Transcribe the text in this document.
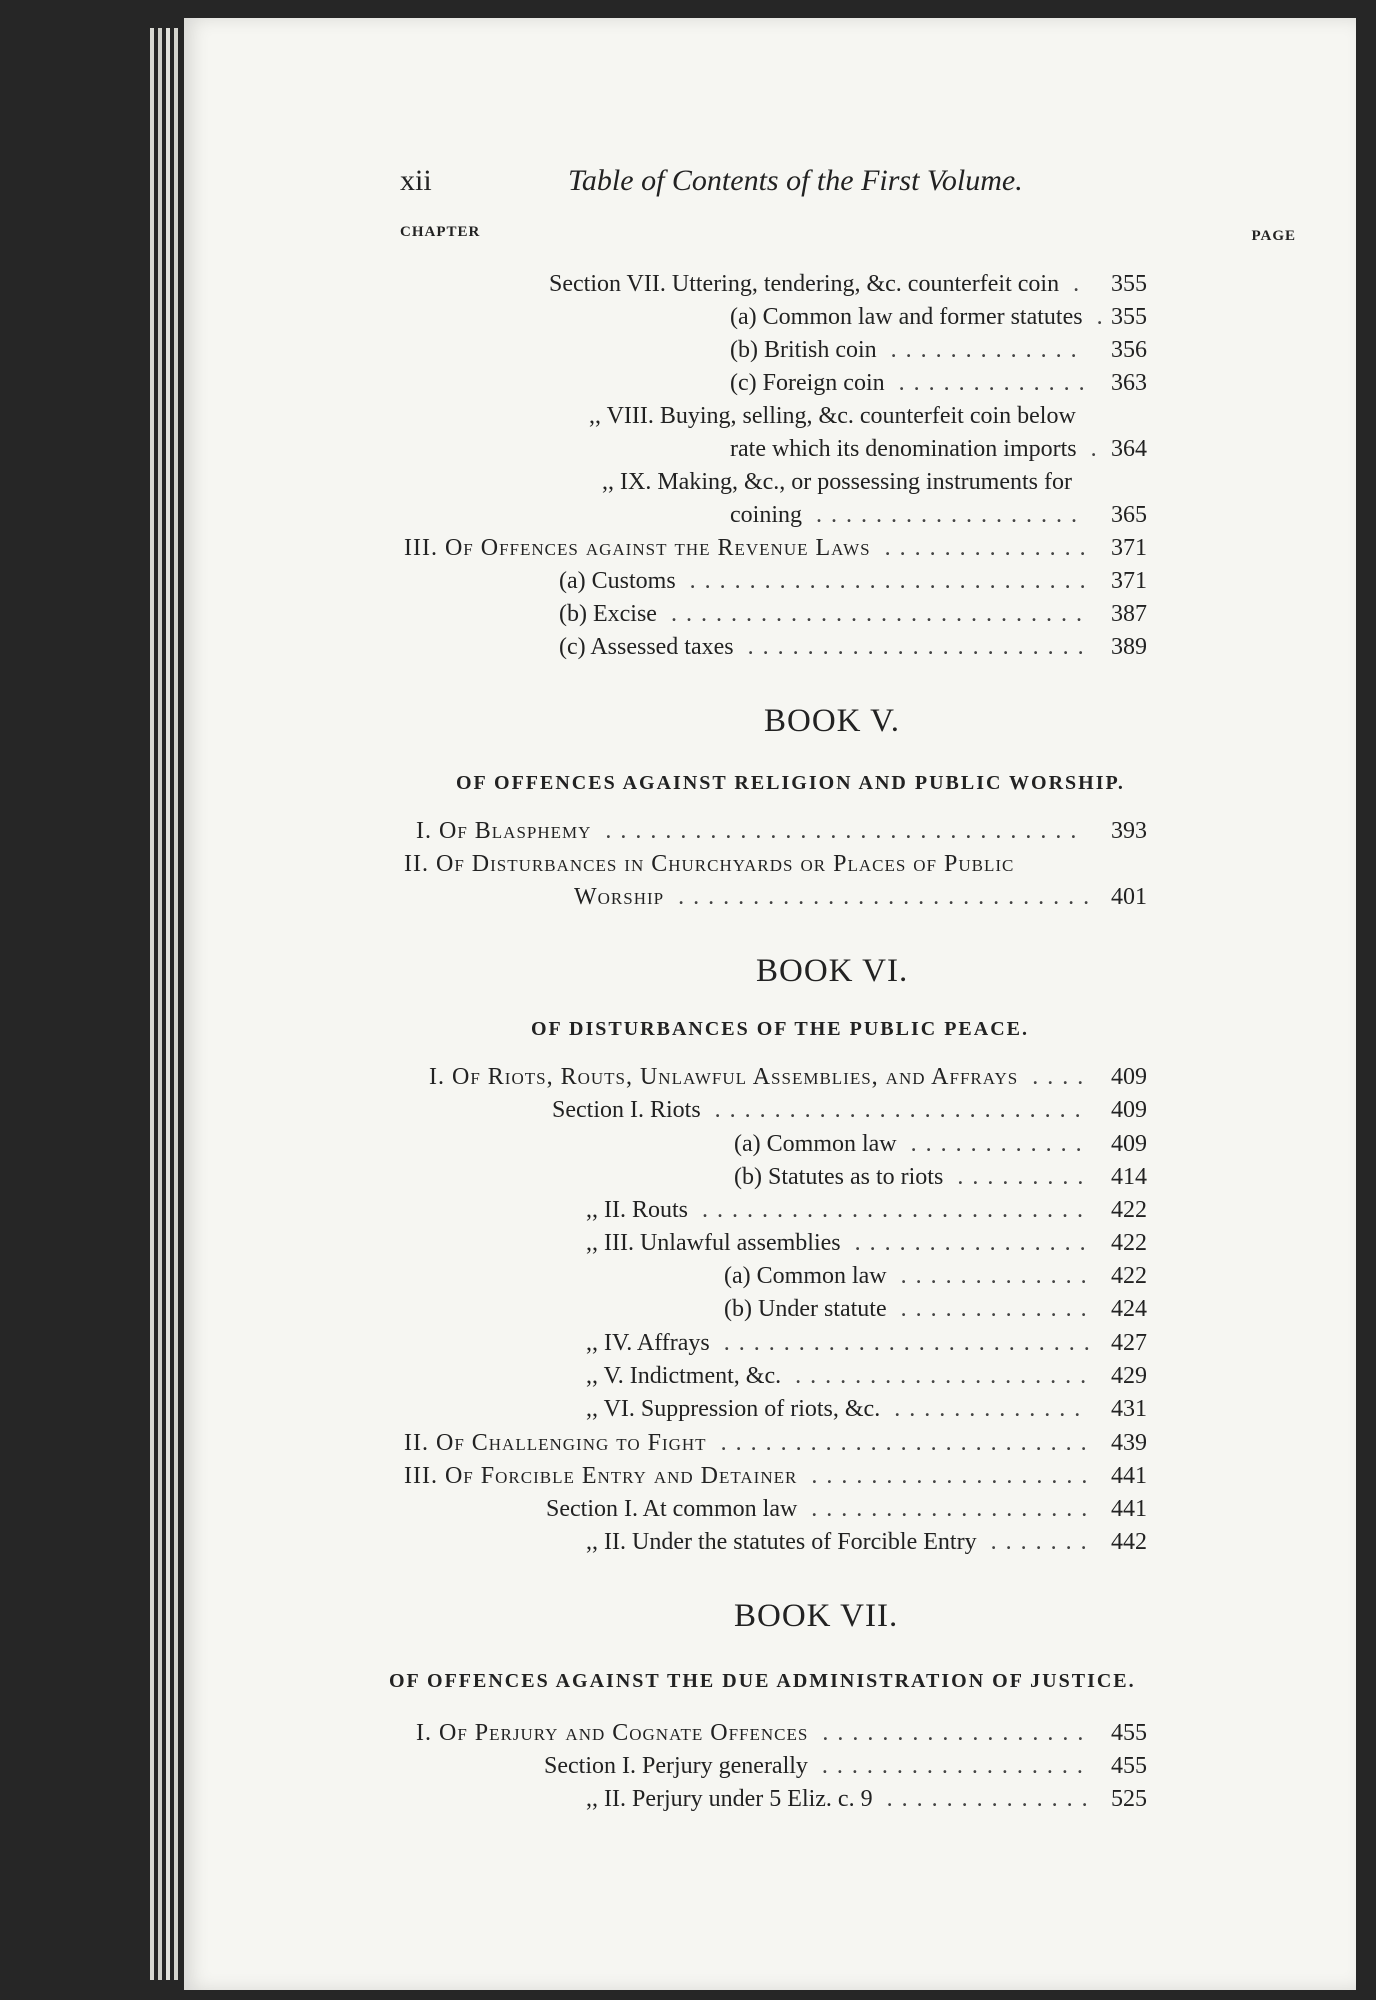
xii	Table of Contents of the First Volume.
CHAPTER	PAGE
Section VII. Uttering, tendering, &c. counterfeit coin . 355
(a) Common law and former statutes . 355
(b) British coin .............	356
(c) Foreign coin ............. 363
,, VIII. Buying, selling, &c. counterfeit coin below
rate which its denomination imports . 364
,, IX. Making, &c., or possessing instruments for
coining ..................	365
III. Of Offences against the Revenue Laws .............. 371
(a) Customs ........................... 371
(b) Excise ............................ 387
(c) Assessed taxes ....................... 389
I. Of Blasphemy ................................	393
II. Of Disturbances in Churchyards or Places of Public
Worship ............................ 401
I. Of Riots, Routs, Unlawful Assemblies, and Affrays .... 409
Section I. Riots ......................... 409
(a) Common law ............ 409
(b) Statutes as to riots ......... 414
,, II. Routs .......................... 422
,, III. Unlawful assemblies ................ 422
(a) Common law ............. 422
(b) Under statute ............. 424
,, IV. Affrays ......................... 427
,, V. Indictment, &c. .................... 429
,, VI. Suppression of riots, &c. ............. 431
II. Of Challenging to Fight ......................... 439
III. Of Forcible Entry and Detainer ................... 441
Section I. At common law ................... 441
,, II. Under the statutes of Forcible Entry ....... 442
I. Of Perjury and Cognate Offences .................. 455
Section I. Perjury generally .................. 455
,, II. Perjury under 5 Eliz. c. 9 .............. 525
BOOK V.
OF OFFENCES AGAINST RELIGION AND PUBLIC WORSHIP.
BOOK VI.
OF DISTURBANCES OF THE PUBLIC PEACE.
BOOK VII.
OF OFFENCES AGAINST THE DUE ADMINISTRATION OF JUSTICE.
